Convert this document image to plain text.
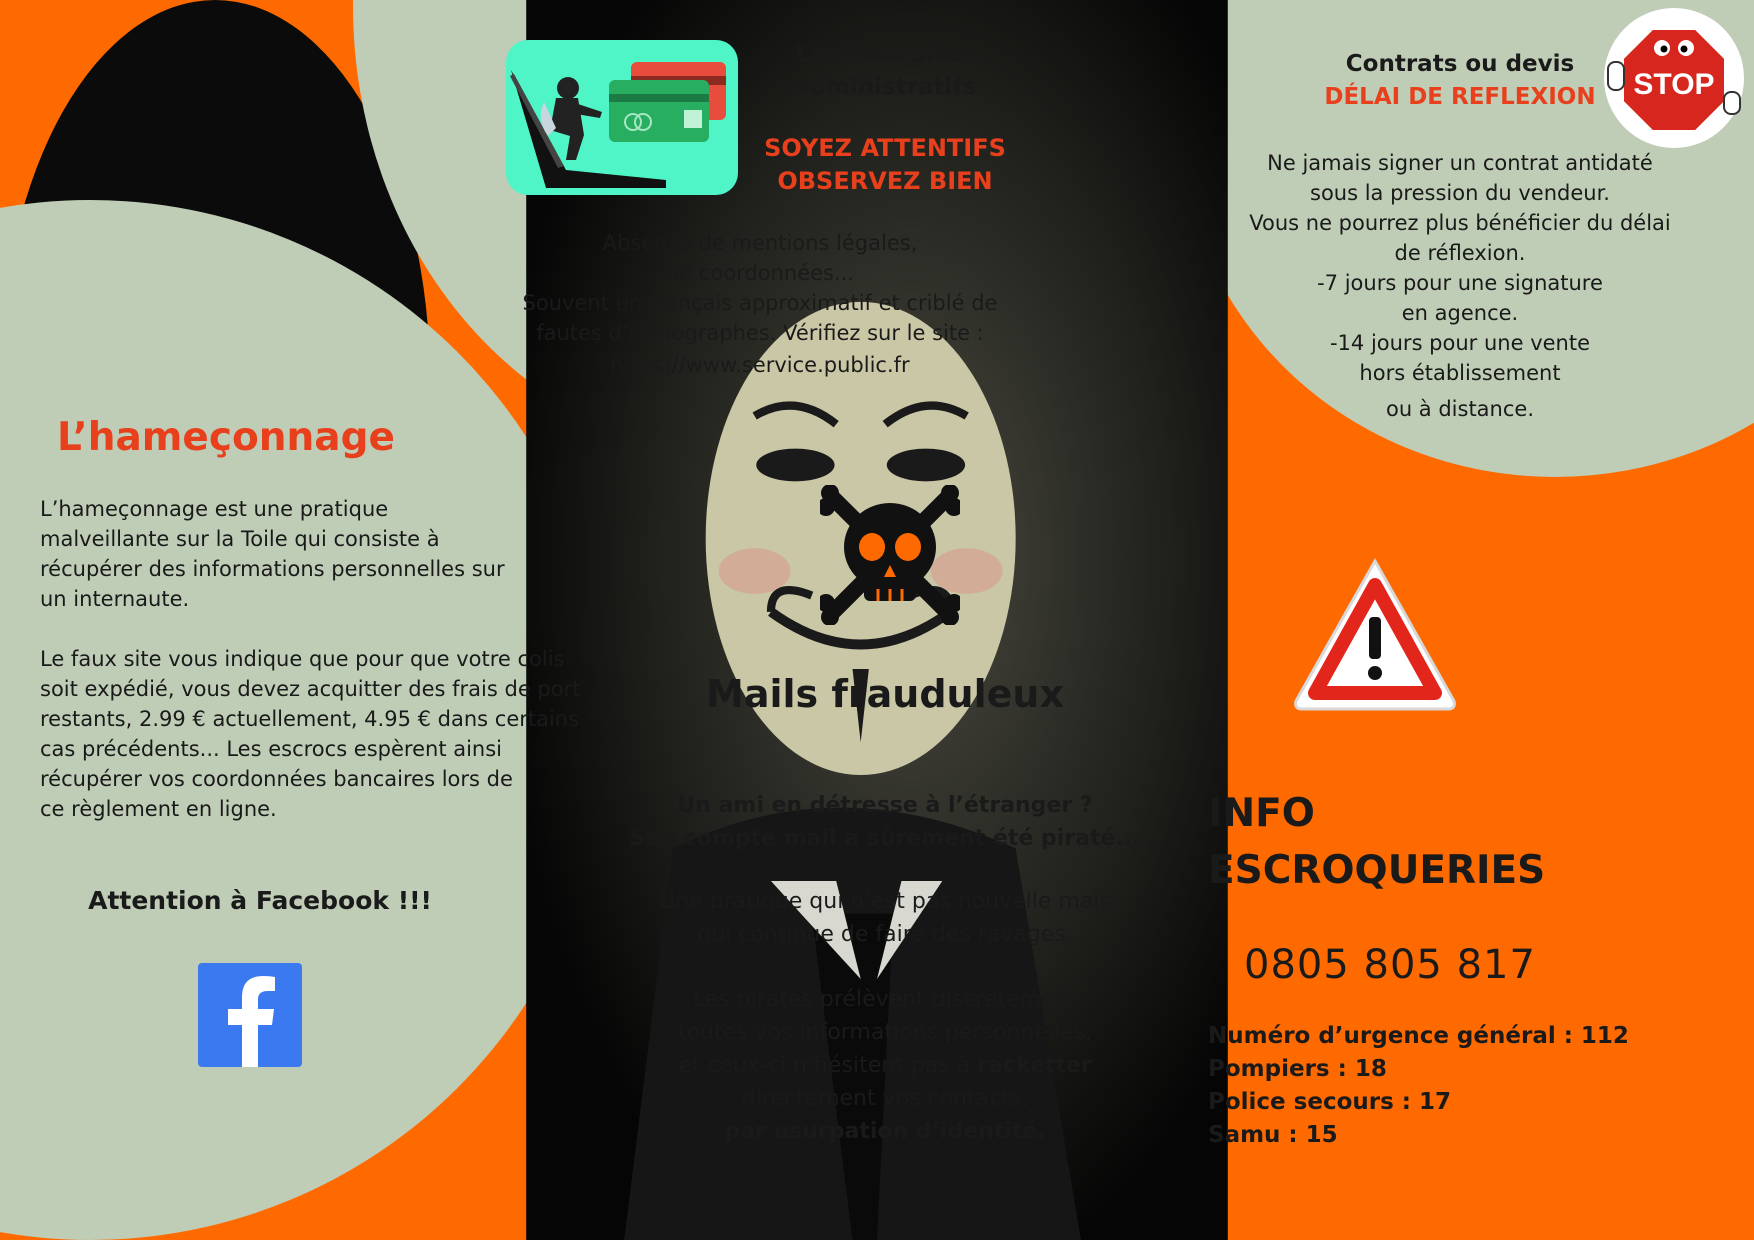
Les faux sites
administratifs
SOYEZ ATTENTIFS
OBSERVEZ BIEN
Absence de mentions légales,
de coordonnées...
Souvent un français approximatif et criblé de
fautes d’orthographes. Vérifiez sur le site :
https://www.service.public.fr
STOP
Contrats ou devis
DÉLAI DE REFLEXION
Ne jamais signer un contrat antidaté
sous la pression du vendeur.
Vous ne pourrez plus bénéficier du délai
de réflexion.
-7 jours pour une signature
en agence.
-14 jours pour une vente
hors établissement
ou à distance.
L’hameçonnage
L’hameçonnage est une pratique
malveillante sur la Toile qui consiste à
récupérer des informations personnelles sur
un internaute.
Le faux site vous indique que pour que votre colis
soit expédié, vous devez acquitter des frais de port
restants, 2.99 € actuellement, 4.95 € dans certains
cas précédents... Les escrocs espèrent ainsi
récupérer vos coordonnées bancaires lors de
ce règlement en ligne.
Attention à Facebook !!!
Mails frauduleux
Un ami en détresse à l’étranger ?
Son compte mail a sûrement été piraté...
Une pratique qui n’est pas nouvelle mais
qui continue de faire des ravages.
Les pirates prélèvent discrètement
toutes vos informations personnelles,
et ceux-ci n’hésitent pas à racketter
directement vos contacts,
par usurpation d’identité.
INFO
ESCROQUERIES
0805 805 817
Numéro d’urgence général : 112
Pompiers : 18
Police secours : 17
Samu : 15
